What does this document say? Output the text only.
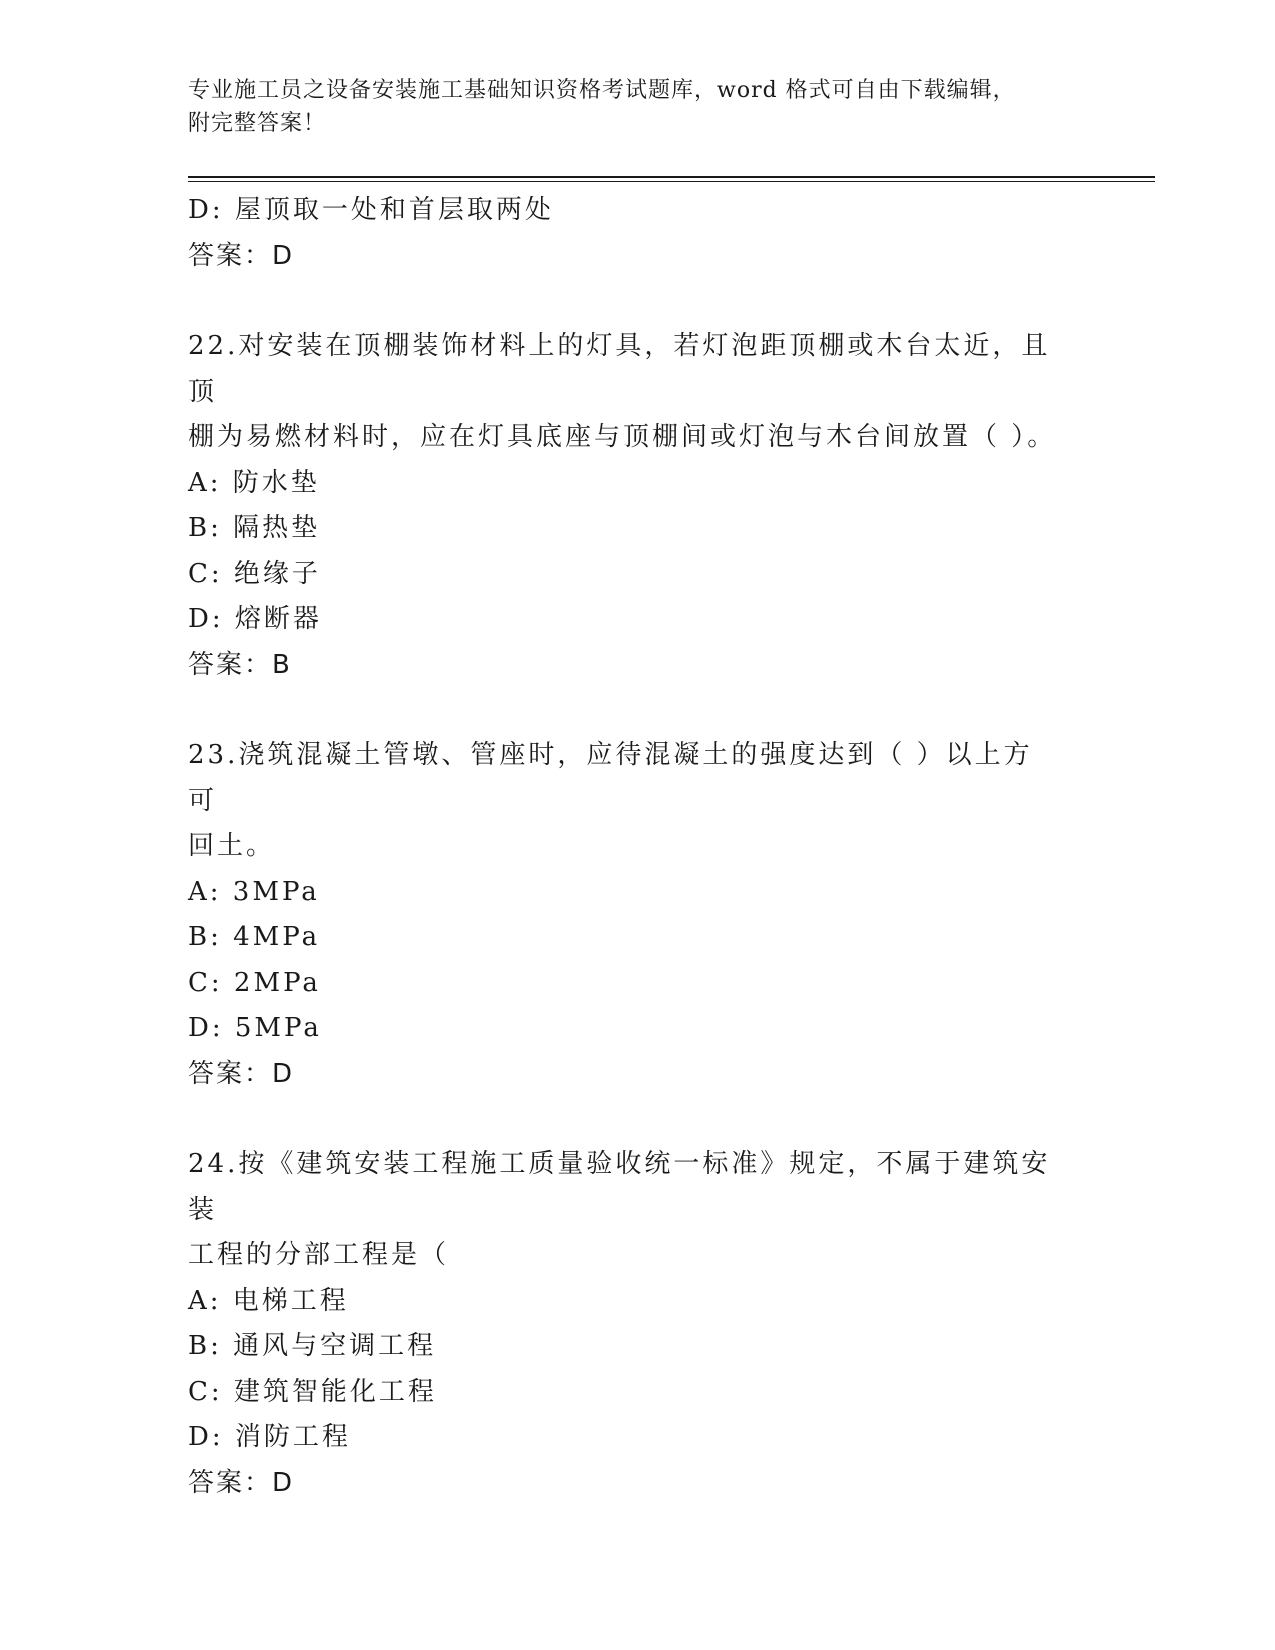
专业施工员之设备安装施工基础知识资格考试题库，word 格式可自由下载编辑，
附完整答案！
D: 屋顶取一处和首层取两处
答案：D
22.对安装在顶棚装饰材料上的灯具，若灯泡距顶棚或木台太近，且顶
棚为易燃材料时，应在灯具底座与顶棚间或灯泡与木台间放置（ ）。
A: 防水垫
B: 隔热垫
C: 绝缘子
D: 熔断器
答案：B
23.浇筑混凝土管墩、管座时，应待混凝土的强度达到（ ）以上方可
回土。
A: 3MPa
B: 4MPa
C: 2MPa
D: 5MPa
答案：D
24.按《建筑安装工程施工质量验收统一标准》规定，不属于建筑安装
工程的分部工程是（
A: 电梯工程
B: 通风与空调工程
C: 建筑智能化工程
D: 消防工程
答案：D
